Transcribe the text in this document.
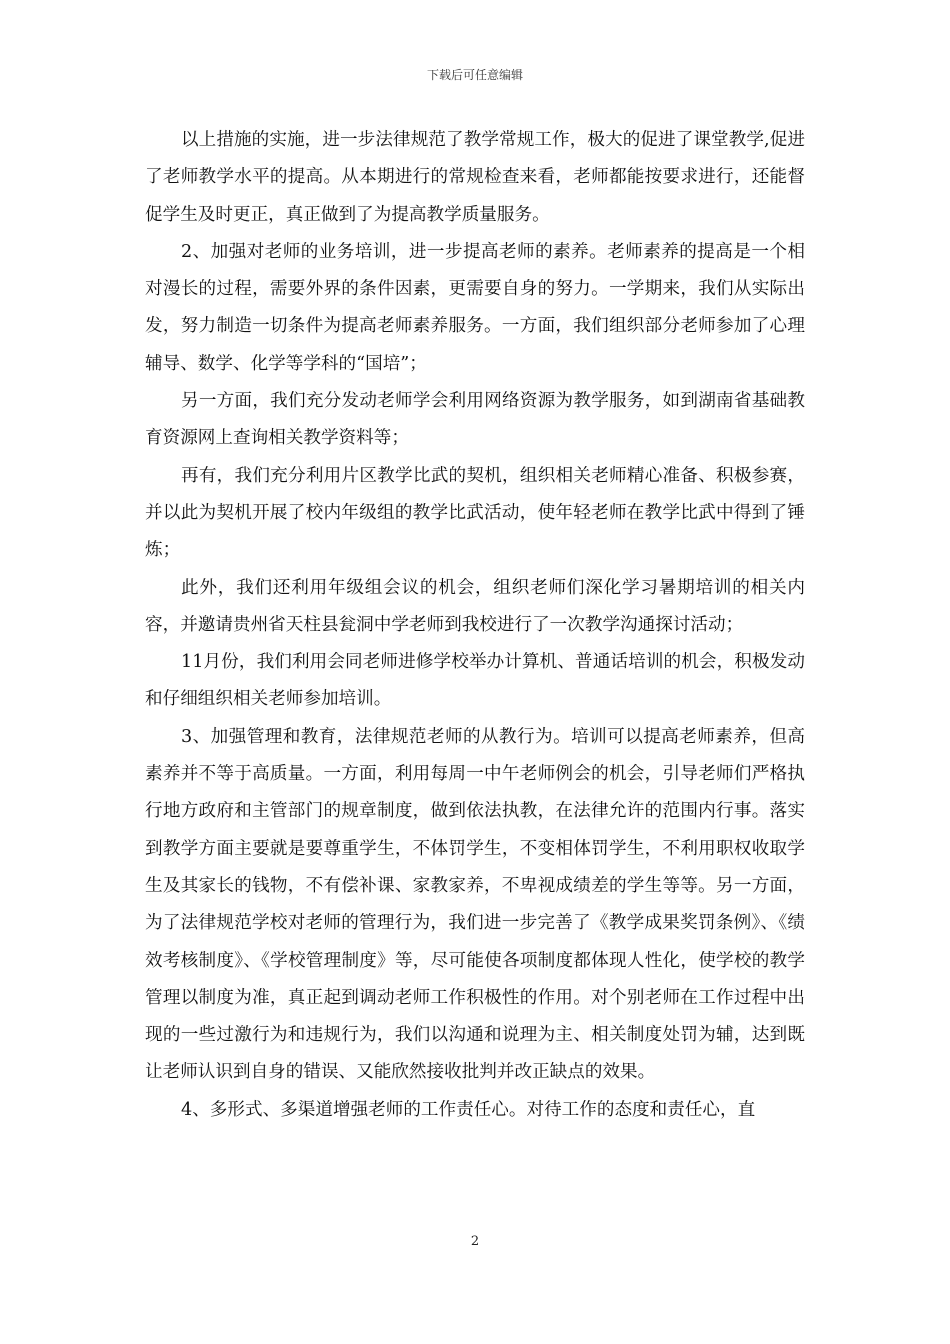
下载后可任意编辑

以上措施的实施，进一步法律规范了教学常规工作，极大的促进了课堂教学,促进了老师教学水平的提高。从本期进行的常规检查来看，老师都能按要求进行，还能督促学生及时更正，真正做到了为提高教学质量服务。

2、加强对老师的业务培训，进一步提高老师的素养。老师素养的提高是一个相对漫长的过程，需要外界的条件因素，更需要自身的努力。一学期来，我们从实际出发，努力制造一切条件为提高老师素养服务。一方面，我们组织部分老师参加了心理辅导、数学、化学等学科的“国培”；

另一方面，我们充分发动老师学会利用网络资源为教学服务，如到湖南省基础教育资源网上查询相关教学资料等；

再有，我们充分利用片区教学比武的契机，组织相关老师精心准备、积极参赛，并以此为契机开展了校内年级组的教学比武活动，使年轻老师在教学比武中得到了锤炼；

此外，我们还利用年级组会议的机会，组织老师们深化学习暑期培训的相关内容，并邀请贵州省天柱县瓮洞中学老师到我校进行了一次教学沟通探讨活动；

11月份，我们利用会同老师进修学校举办计算机、普通话培训的机会，积极发动和仔细组织相关老师参加培训。

3、加强管理和教育，法律规范老师的从教行为。培训可以提高老师素养，但高素养并不等于高质量。一方面，利用每周一中午老师例会的机会，引导老师们严格执行地方政府和主管部门的规章制度，做到依法执教，在法律允许的范围内行事。落实到教学方面主要就是要尊重学生，不体罚学生，不变相体罚学生，不利用职权收取学生及其家长的钱物，不有偿补课、家教家养，不卑视成绩差的学生等等。另一方面，为了法律规范学校对老师的管理行为，我们进一步完善了《教学成果奖罚条例》、《绩效考核制度》、《学校管理制度》等，尽可能使各项制度都体现人性化，使学校的教学管理以制度为准，真正起到调动老师工作积极性的作用。对个别老师在工作过程中出现的一些过激行为和违规行为，我们以沟通和说理为主、相关制度处罚为辅，达到既让老师认识到自身的错误、又能欣然接收批判并改正缺点的效果。

4、多形式、多渠道增强老师的工作责任心。对待工作的态度和责任心，直

2
